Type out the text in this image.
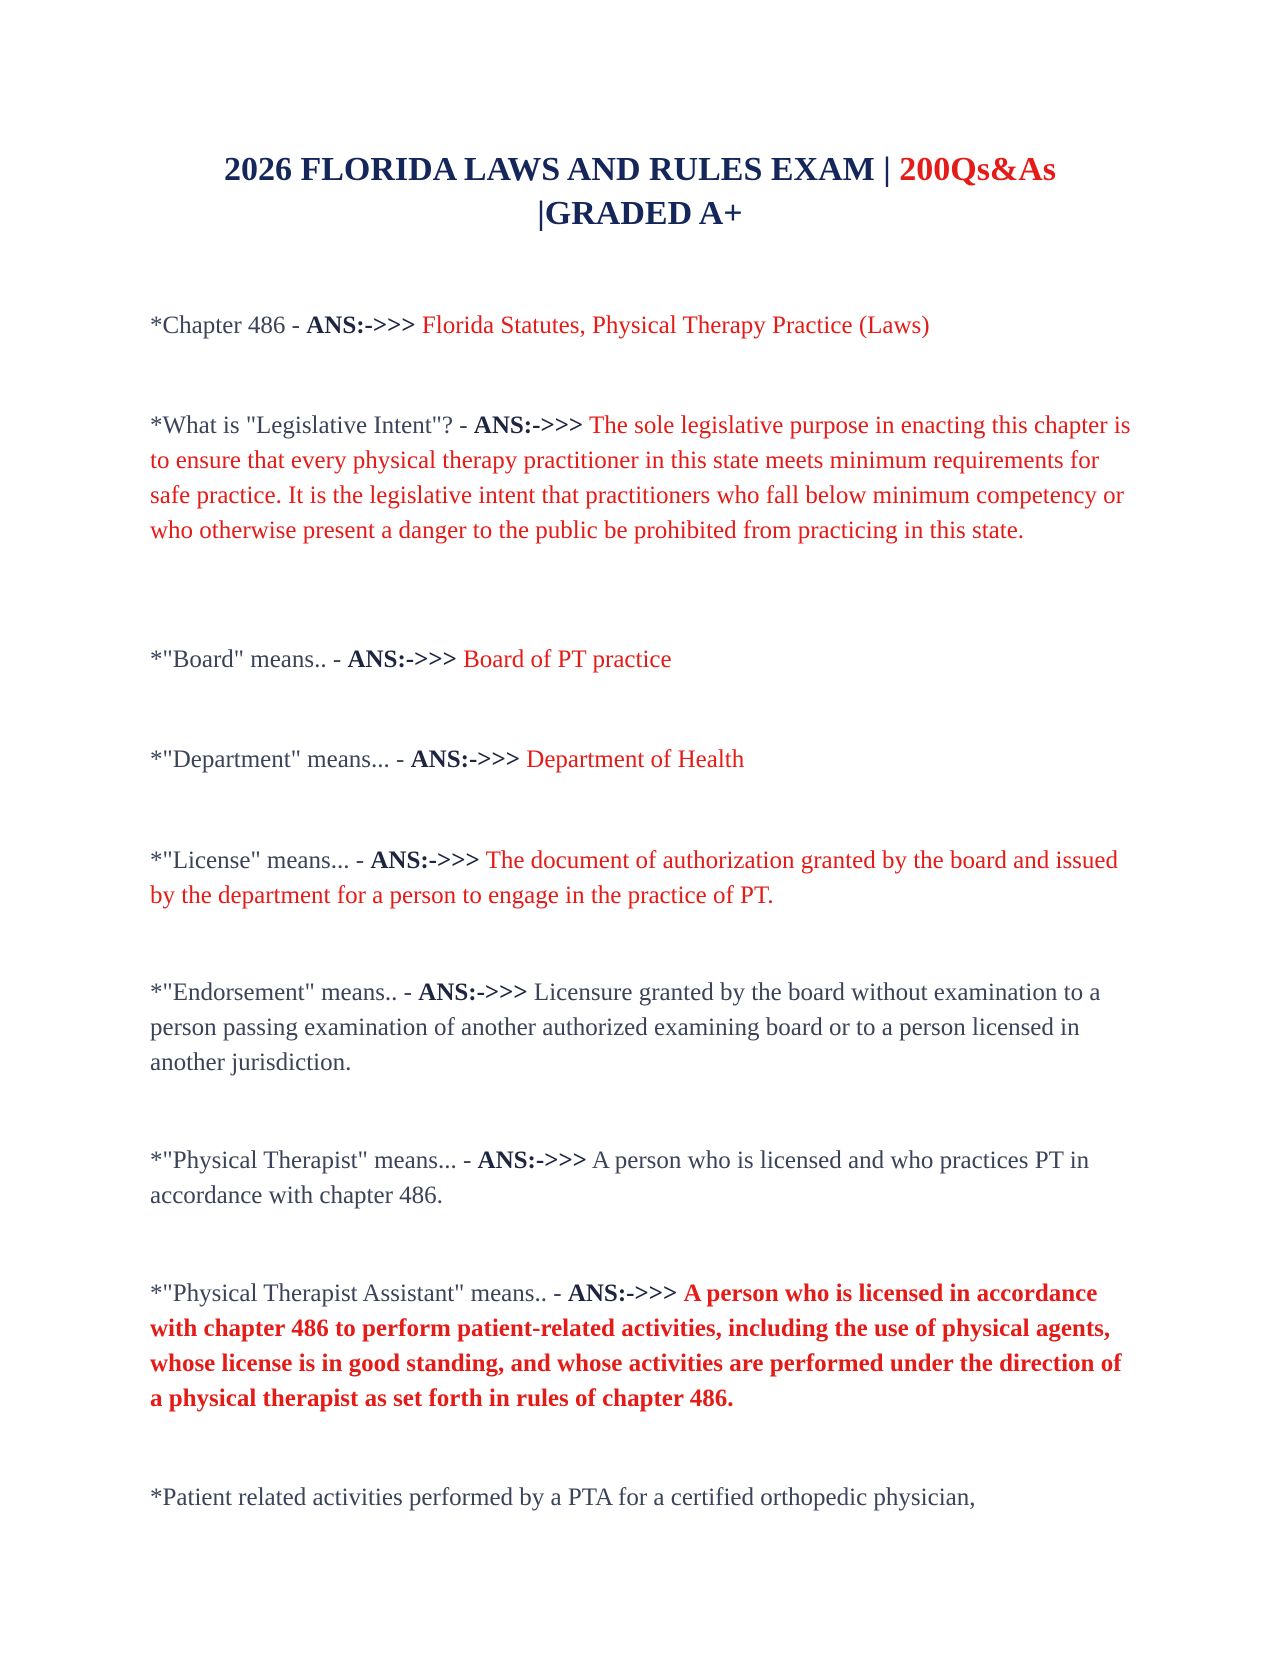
2026 FLORIDA LAWS AND RULES EXAM | 200Qs&As
|GRADED A+
*Chapter 486 - ANS:->>> Florida Statutes, Physical Therapy Practice (Laws)
*What is "Legislative Intent"? - ANS:->>> The sole legislative purpose in enacting this chapter is to ensure that every physical therapy practitioner in this state meets minimum requirements for safe practice. It is the legislative intent that practitioners who fall below minimum competency or who otherwise present a danger to the public be prohibited from practicing in this state.
*"Board" means.. - ANS:->>> Board of PT practice
*"Department" means... - ANS:->>> Department of Health
*"License" means... - ANS:->>> The document of authorization granted by the board and issued by the department for a person to engage in the practice of PT.
*"Endorsement" means.. - ANS:->>> Licensure granted by the board without examination to a person passing examination of another authorized examining board or to a person licensed in another jurisdiction.
*"Physical Therapist" means... - ANS:->>> A person who is licensed and who practices PT in accordance with chapter 486.
*"Physical Therapist Assistant" means.. - ANS:->>> A person who is licensed in accordance with chapter 486 to perform patient-related activities, including the use of physical agents, whose license is in good standing, and whose activities are performed under the direction of a physical therapist as set forth in rules of chapter 486.
*Patient related activities performed by a PTA for a certified orthopedic physician,
